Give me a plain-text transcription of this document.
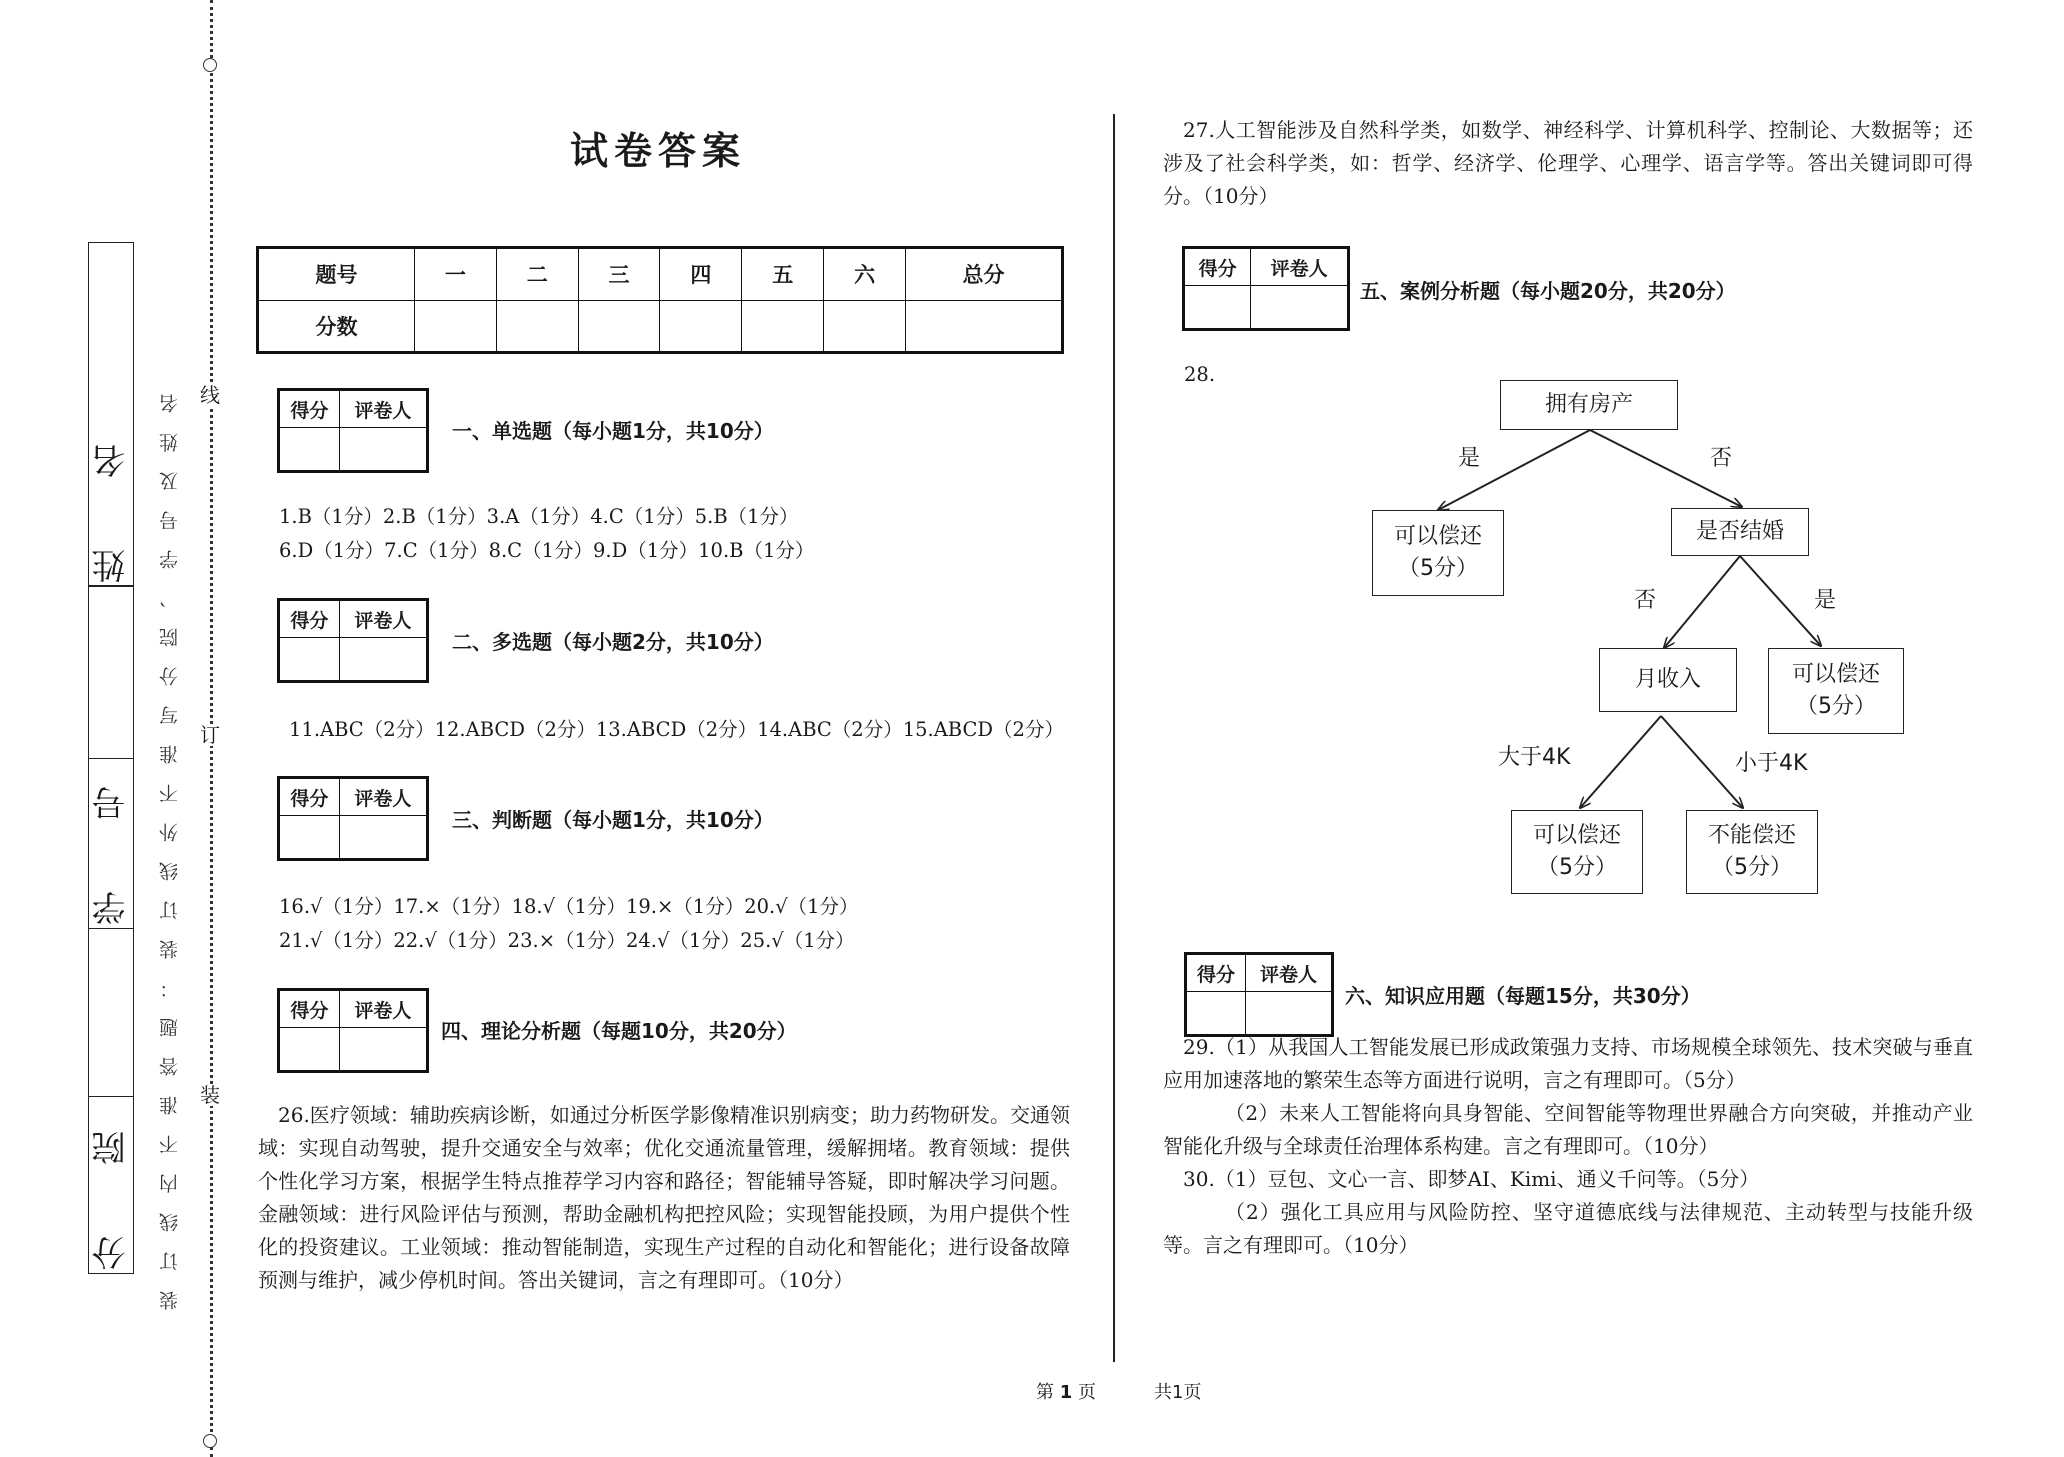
分 院
学 号
姓 名 装订线内不准答题：装订线外不准写分院、学号及姓名 线
订
装
试卷答案
题号	一	二	三	四	五	六	总分
分数							
得分	评卷人

一、单选题（每小题1分，共10分）
1.B（1分）2.B（1分）3.A（1分）4.C（1分）5.B（1分）
6.D（1分）7.C（1分）8.C（1分）9.D（1分）10.B（1分）
得分	评卷人

二、多选题（每小题2分，共10分）
11.ABC（2分）12.ABCD（2分）13.ABCD（2分）14.ABC（2分）15.ABCD（2分）
得分	评卷人

三、判断题（每小题1分，共10分）
16.√（1分）17.×（1分）18.√（1分）19.×（1分）20.√（1分）
21.√（1分）22.√（1分）23.×（1分）24.√（1分）25.√（1分）
得分	评卷人

四、理论分析题（每题10分，共20分）
26.医疗领域：辅助疾病诊断，如通过分析医学影像精准识别病变；助力药物研发。交通领域：实现自动驾驶，提升交通安全与效率；优化交通流量管理，缓解拥堵。教育领域：提供个性化学习方案，根据学生特点推荐学习内容和路径；智能辅导答疑，即时解决学习问题。金融领域：进行风险评估与预测，帮助金融机构把控风险；实现智能投顾，为用户提供个性化的投资建议。工业领域：推动智能制造，实现生产过程的自动化和智能化；进行设备故障预测与维护，减少停机时间。答出关键词，言之有理即可。（10分）
27.人工智能涉及自然科学类，如数学、神经科学、计算机科学、控制论、大数据等；还涉及了社会科学类，如：哲学、经济学、伦理学、心理学、语言学等。答出关键词即可得分。（10分）
得分	评卷人

五、案例分析题（每小题20分，共20分）
28.
拥有房产
可以偿还
（5分）
是否结婚
月收入	可以偿还
（5分）
可以偿还
（5分）
不能偿还
（5分）
是	否
否	是
大于4K	小于4K
得分	评卷人

六、知识应用题（每题15分，共30分）
29.（1）从我国人工智能发展已形成政策强力支持、市场规模全球领先、技术突破与垂直应用加速落地的繁荣生态等方面进行说明，言之有理即可。（5分）
（2）未来人工智能将向具身智能、空间智能等物理世界融合方向突破，并推动产业智能化升级与全球责任治理体系构建。言之有理即可。（10分）
30.（1）豆包、文心一言、即梦AI、Kimi、通义千问等。（5分）
（2）强化工具应用与风险防控、坚守道德底线与法律规范、主动转型与技能升级等。言之有理即可。（10分）
第 1 页	共1页
